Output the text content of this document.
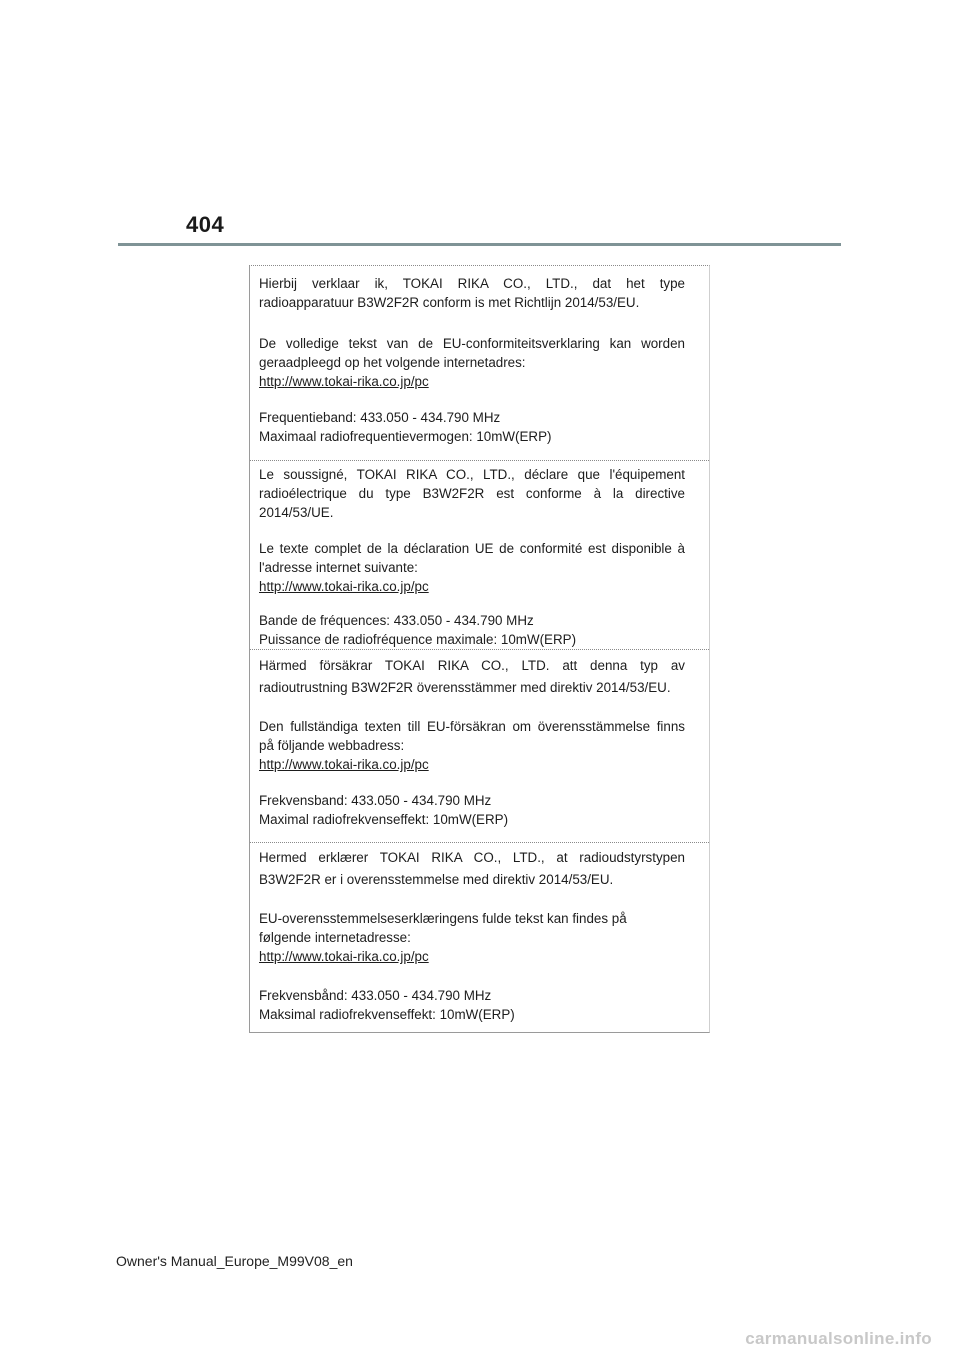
404

Hierbij verklaar ik, TOKAI RIKA CO., LTD., dat het type

radioapparatuur B3W2F2R conform is met Richtlijn 2014/53/EU.

De volledige tekst van de EU-conformiteitsverklaring kan worden

geraadpleegd op het volgende internetadres:

http://www.tokai-rika.co.jp/pc

Frequentieband: 433.050 - 434.790 MHz

Maximaal radiofrequentievermogen: 10mW(ERP)

Le soussigné, TOKAI RIKA CO., LTD., déclare que l'équipement

radioélectrique du type B3W2F2R est conforme à la directive

2014/53/UE.

Le texte complet de la déclaration UE de conformité est disponible à

l'adresse internet suivante:

http://www.tokai-rika.co.jp/pc

Bande de fréquences: 433.050 - 434.790 MHz

Puissance de radiofréquence maximale: 10mW(ERP)

Härmed försäkrar TOKAI RIKA CO., LTD. att denna typ av

radioutrustning B3W2F2R överensstämmer med direktiv 2014/53/EU.

Den fullständiga texten till EU-försäkran om överensstämmelse finns

på följande webbadress:

http://www.tokai-rika.co.jp/pc

Frekvensband: 433.050 - 434.790 MHz

Maximal radiofrekvenseffekt: 10mW(ERP)

Hermed erklærer TOKAI RIKA CO., LTD., at radioudstyrstypen

B3W2F2R er i overensstemmelse med direktiv 2014/53/EU.

EU-overensstemmelseserklæringens fulde tekst kan findes på

følgende internetadresse:

http://www.tokai-rika.co.jp/pc

Frekvensbånd: 433.050 - 434.790 MHz

Maksimal radiofrekvenseffekt: 10mW(ERP)

Owner's Manual_Europe_M99V08_en
carmanualsonline.info
